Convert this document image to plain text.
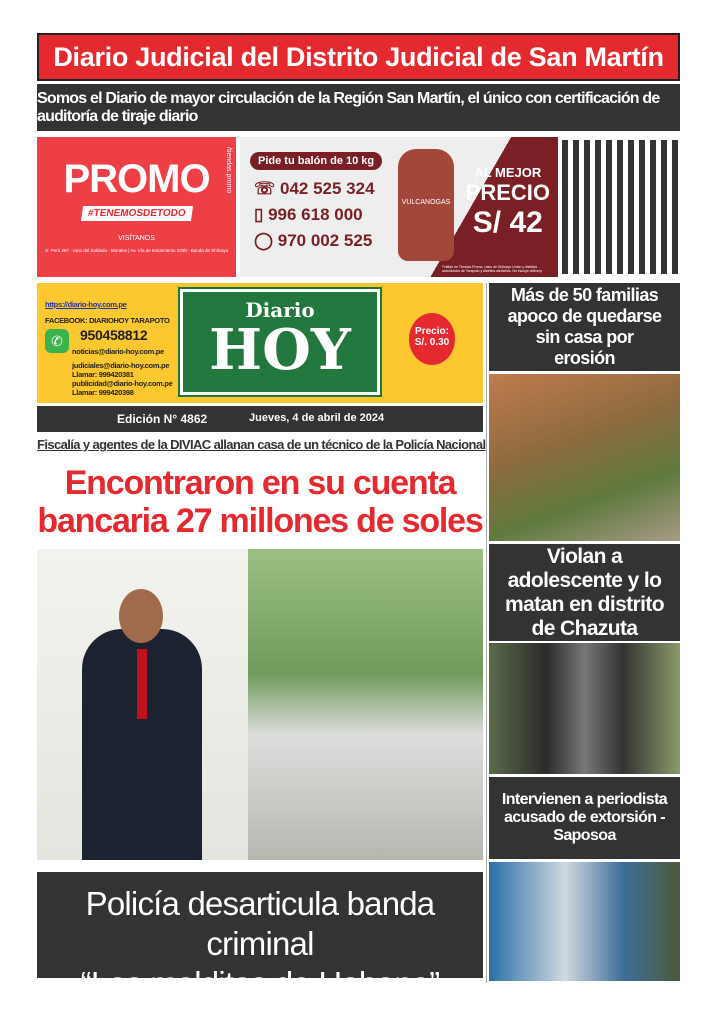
Diario Judicial del Distrito Judicial de San Martín
Somos el Diario de mayor circulación de la Región San Martín, el único con certificación de auditoría de tiraje diario
PROMO
#TENEMOSDETODO
VISÍTANOS
Jr. Perú 287 - rano del Soldado - Morales | Av. Vía de Evitamiento 2200 - Banda de Shilcayo
/tiendas.promo	Pide tu balón de 10 kg
☏ 042 525 324
▯ 996 618 000
◯ 970 002 525
VULCANOGAS
AL MEJOR
PRECIO
S/ 42
*Válido en Tiendas Promo, rasto de Shilcayo Unión y distritos autorizados de Tarapoto y distritos aledaños. No incluye delivery.
https://diario-hoy.com.pe
FACEBOOK: DIARIOHOY TARAPOTO
✆	950458812
noticias@diario-hoy.com.pe
judiciales@diario-hoy.com.pe
Llamar: 999420381
publicidad@diario-hoy.com.pe
Llamar: 999420398
Diario
HOY	Precio:
S/. 0.30
Edición N° 4862	Jueves, 4 de abril de 2024
Fiscalía y agentes de la DIVIAC allanan casa de un técnico de la Policía Nacional
Encontraron en su cuenta
bancaria 27 millones de soles
Policía desarticula banda criminal
“Los malditos de Habana”
Más de 50 familias apoco de quedarse sin casa por erosión
Violan a adolescente y lo matan en distrito de Chazuta
Intervienen a periodista acusado de extorsión - Saposoa
